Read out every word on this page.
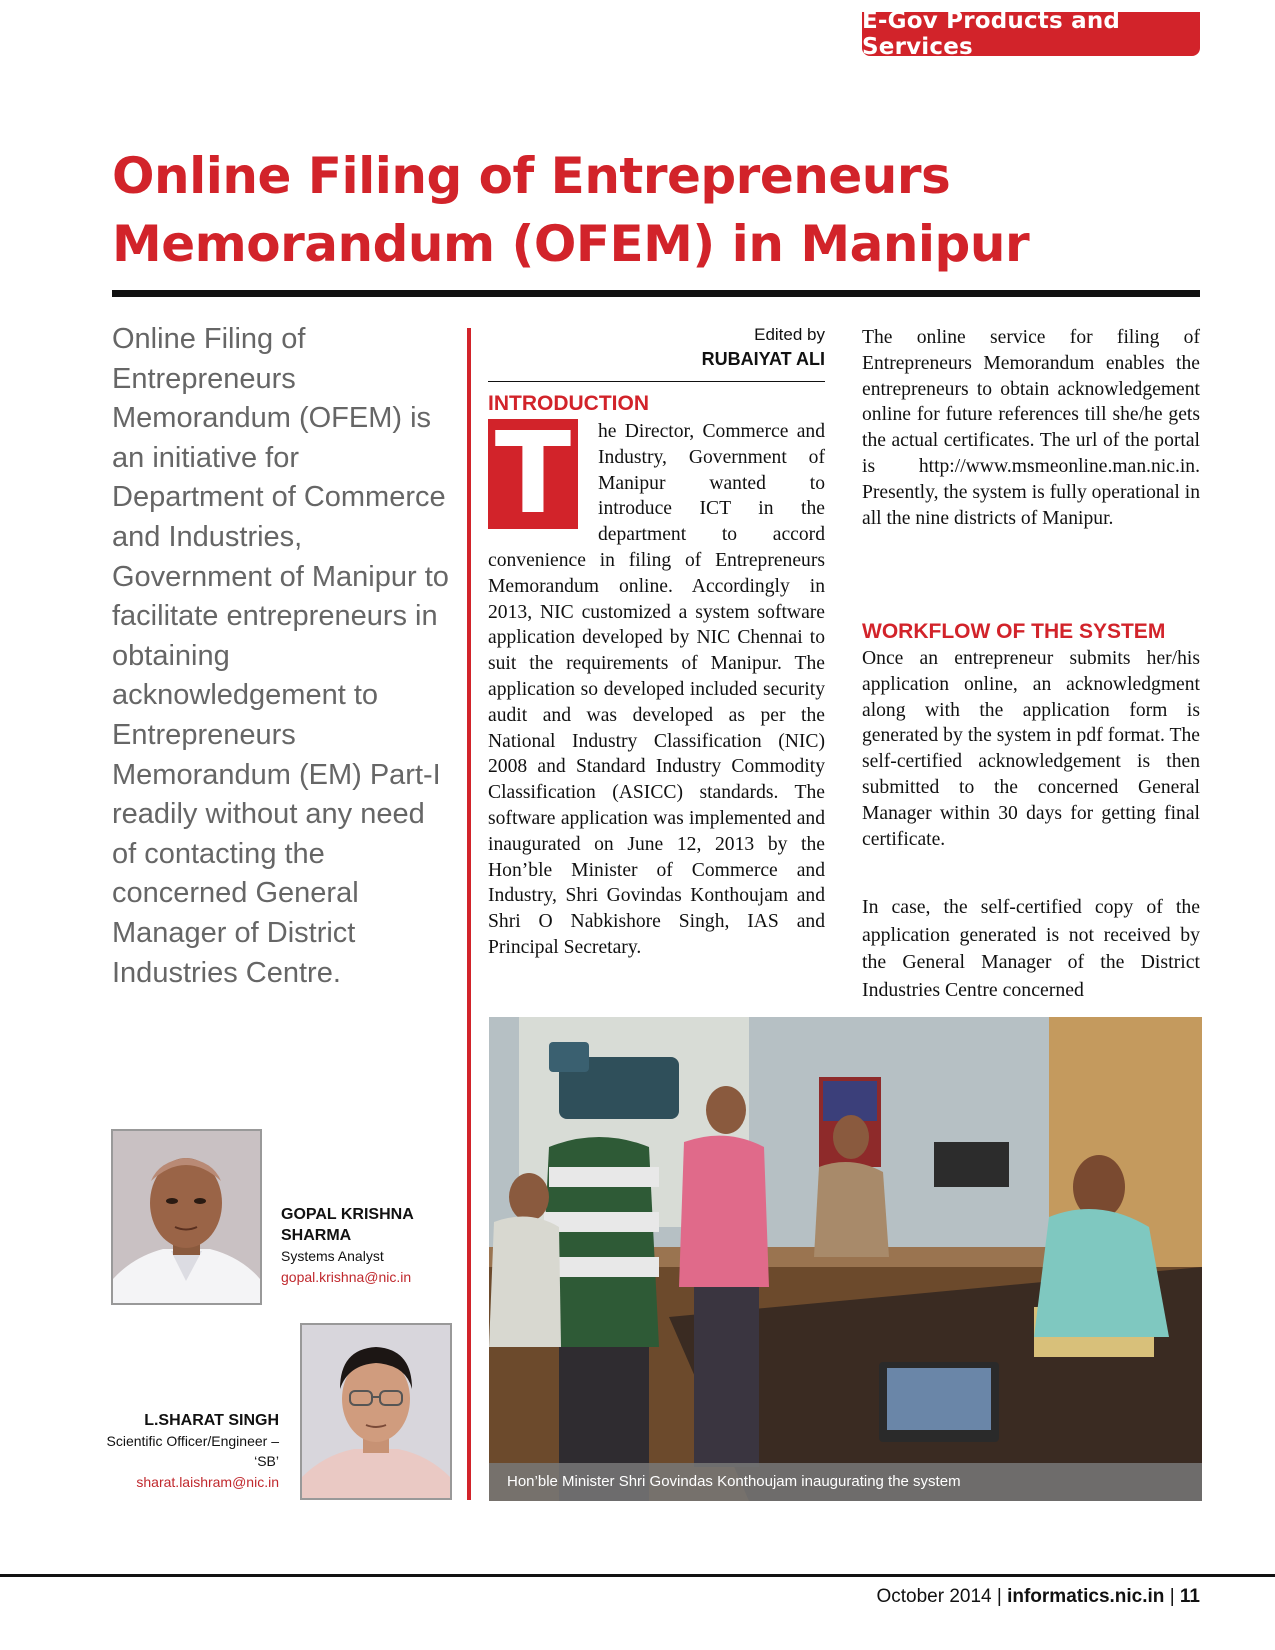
E-Gov Products and Services
Online Filing of Entrepreneurs
Memorandum (OFEM) in Manipur

Online Filing of Entrepreneurs Memorandum (OFEM) is an initiative for Department of Commerce and Industries, Government of Manipur to facilitate entrepreneurs in obtaining acknowledgement to Entrepreneurs Memorandum (EM) Part-I readily without any need of contacting the concerned General Manager of District Industries Centre.

Edited by
RUBAIYAT ALI
INTRODUCTION

T	he Director, Commerce and Industry, Government of Manipur wanted to introduce ICT in the department to accord convenience in filing of Entrepreneurs Memorandum online. Accordingly in 2013, NIC customized a system software application developed by NIC Chennai to suit the requirements of Manipur. The application so developed included security audit and was developed as per the National Industry Classification (NIC) 2008 and Standard Industry Commodity Classification (ASICC) standards. The software application was implemented and inaugurated on June 12, 2013 by the Hon’ble Minister of Commerce and Industry, Shri Govindas Konthoujam and Shri O Nabkishore Singh, IAS and Principal Secretary.

The online service for filing of Entrepreneurs Memorandum enables the entrepreneurs to obtain acknowledgement online for future references till she/he gets the actual certificates. The url of the portal is http://www.msmeonline.man.nic.in. Presently, the system is fully operational in all the nine districts of Manipur.

WORKFLOW OF THE SYSTEM

Once an entrepreneur submits her/his application online, an acknowledgment along with the application form is generated by the system in pdf format. The self-certified acknowledgement is then submitted to the concerned General Manager within 30 days for getting final certificate.

In case, the self-certified copy of the application generated is not received by the General Manager of the District Industries Centre concerned

GOPAL KRISHNA SHARMA
Systems Analyst
gopal.krishna@nic.in
L.SHARAT SINGH
Scientific Officer/Engineer – ‘SB’
sharat.laishram@nic.in	Hon’ble Minister Shri Govindas Konthoujam inaugurating the system
October 2014 | informatics.nic.in | 11
